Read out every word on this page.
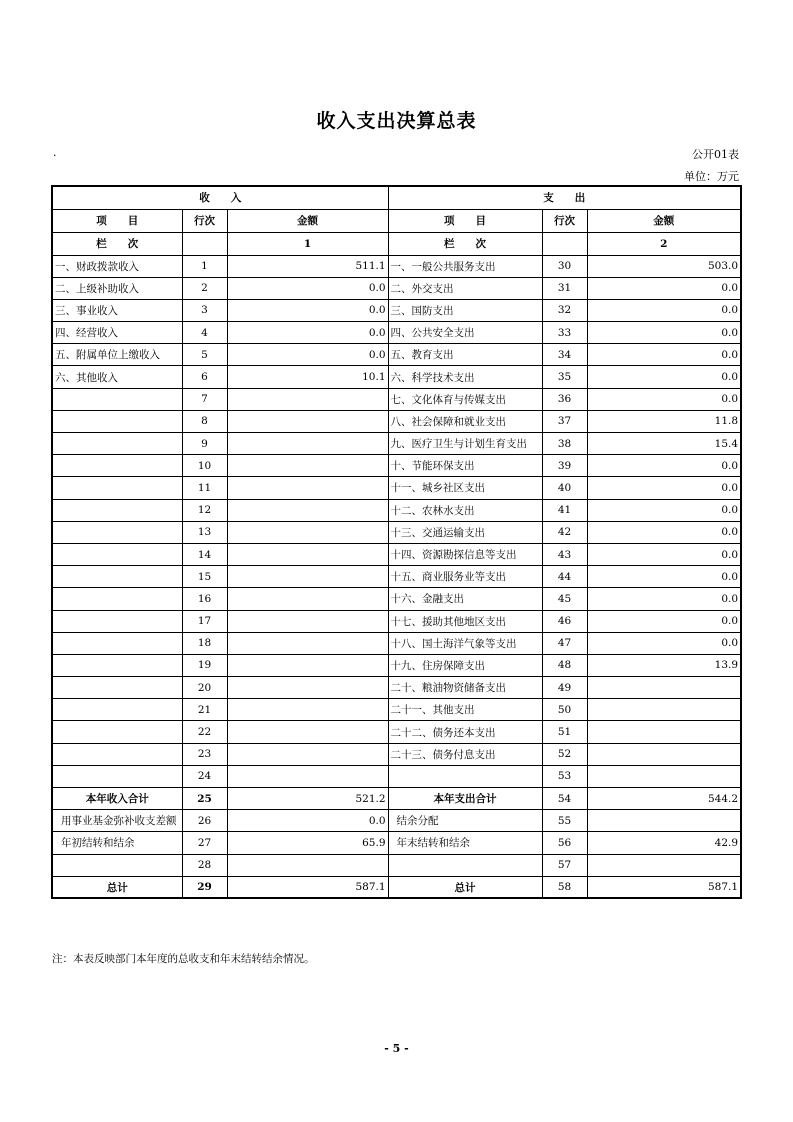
收入支出决算总表
.	公开01表
单位：万元
收　　入			支　　出		
项　　目	行次	金额	项　　目	行次	金额
栏　　次		1	栏　　次		2
一、财政拨款收入	1	511.1	一、一般公共服务支出	30	503.0
二、上级补助收入	2	0.0	二、外交支出	31	0.0
三、事业收入	3	0.0	三、国防支出	32	0.0
四、经营收入	4	0.0	四、公共安全支出	33	0.0
五、附属单位上缴收入	5	0.0	五、教育支出	34	0.0
六、其他收入	6	10.1	六、科学技术支出	35	0.0
	7		七、文化体育与传媒支出	36	0.0
	8		八、社会保障和就业支出	37	11.8
	9		九、医疗卫生与计划生育支出	38	15.4
	10		十、节能环保支出	39	0.0
	11		十一、城乡社区支出	40	0.0
	12		十二、农林水支出	41	0.0
	13		十三、交通运输支出	42	0.0
	14		十四、资源勘探信息等支出	43	0.0
	15		十五、商业服务业等支出	44	0.0
	16		十六、金融支出	45	0.0
	17		十七、援助其他地区支出	46	0.0
	18		十八、国土海洋气象等支出	47	0.0
	19		十九、住房保障支出	48	13.9
	20		二十、粮油物资储备支出	49	
	21		二十一、其他支出	50	
	22		二十二、债务还本支出	51	
	23		二十三、债务付息支出	52	
	24			53	
本年收入合计	25	521.2	本年支出合计	54	544.2
用事业基金弥补收支差额	26	0.0	结余分配	55	
年初结转和结余	27	65.9	年末结转和结余	56	42.9
	28			57	
总计	29	587.1	总计	58	587.1
注：本表反映部门本年度的总收支和年末结转结余情况。
- 5 -
